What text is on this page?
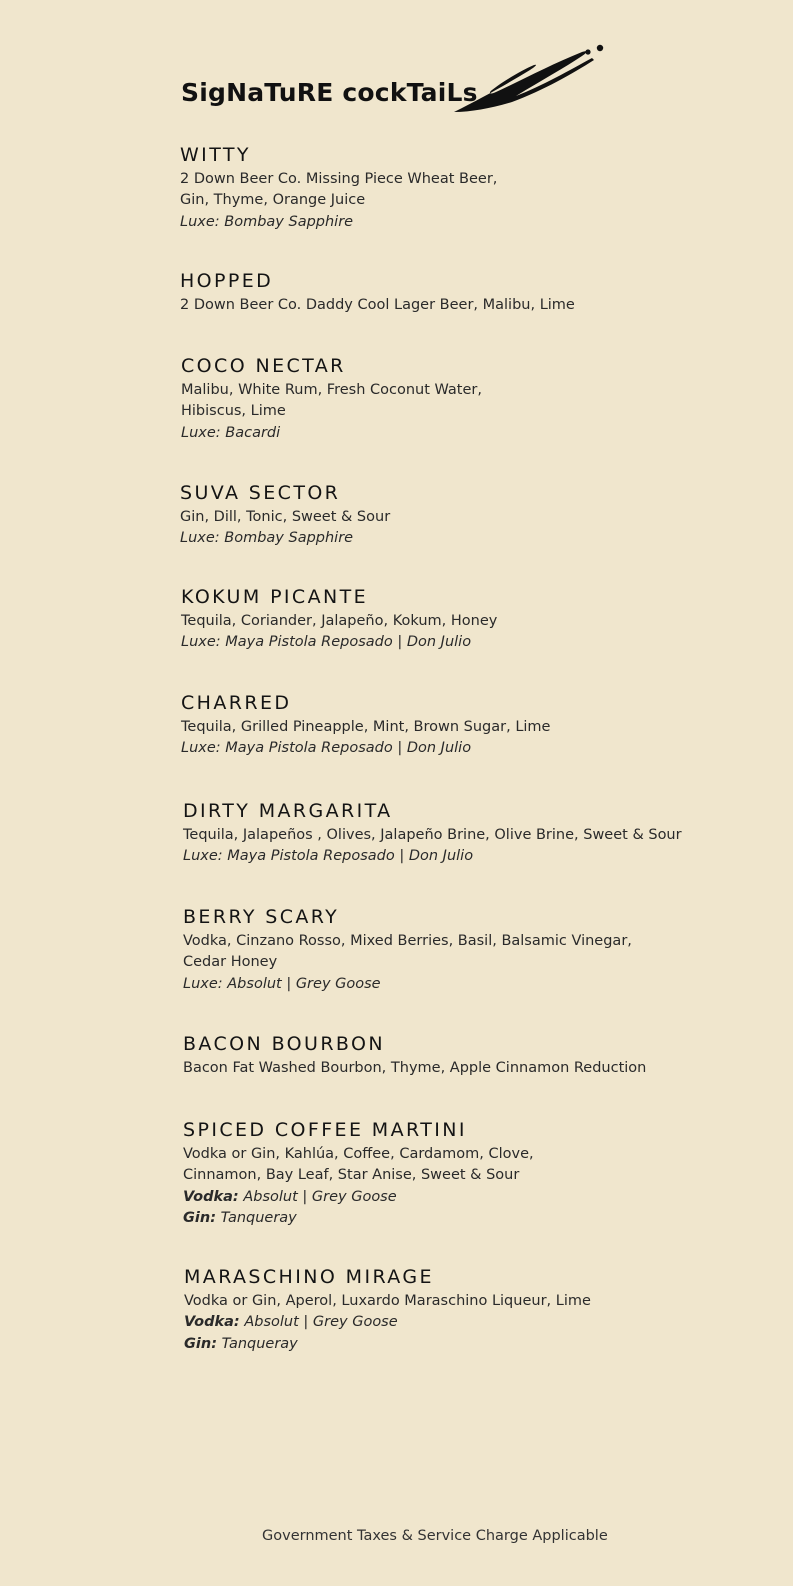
SigNaTuRE cockTaiLs
WITTY
2 Down Beer Co. Missing Piece Wheat Beer,
Gin, Thyme, Orange Juice
Luxe: Bombay Sapphire
HOPPED
2 Down Beer Co. Daddy Cool Lager Beer, Malibu, Lime
COCO NECTAR
Malibu, White Rum, Fresh Coconut Water,
Hibiscus, Lime
Luxe: Bacardi
SUVA SECTOR
Gin, Dill, Tonic, Sweet & Sour
Luxe: Bombay Sapphire
KOKUM PICANTE
Tequila, Coriander, Jalapeño, Kokum, Honey
Luxe: Maya Pistola Reposado | Don Julio
CHARRED
Tequila, Grilled Pineapple, Mint, Brown Sugar, Lime
Luxe: Maya Pistola Reposado | Don Julio
DIRTY MARGARITA
Tequila, Jalapeños , Olives, Jalapeño Brine, Olive Brine, Sweet & Sour
Luxe: Maya Pistola Reposado | Don Julio
BERRY SCARY
Vodka, Cinzano Rosso, Mixed Berries, Basil, Balsamic Vinegar,
Cedar Honey
Luxe: Absolut | Grey Goose
BACON BOURBON
Bacon Fat Washed Bourbon, Thyme, Apple Cinnamon Reduction
SPICED COFFEE MARTINI
Vodka or Gin, Kahlúa, Coffee, Cardamom, Clove,
Cinnamon, Bay Leaf, Star Anise, Sweet & Sour
Vodka: Absolut | Grey Goose
Gin: Tanqueray
MARASCHINO MIRAGE
Vodka or Gin, Aperol, Luxardo Maraschino Liqueur, Lime
Vodka: Absolut | Grey Goose
Gin: Tanqueray
Government Taxes & Service Charge Applicable
